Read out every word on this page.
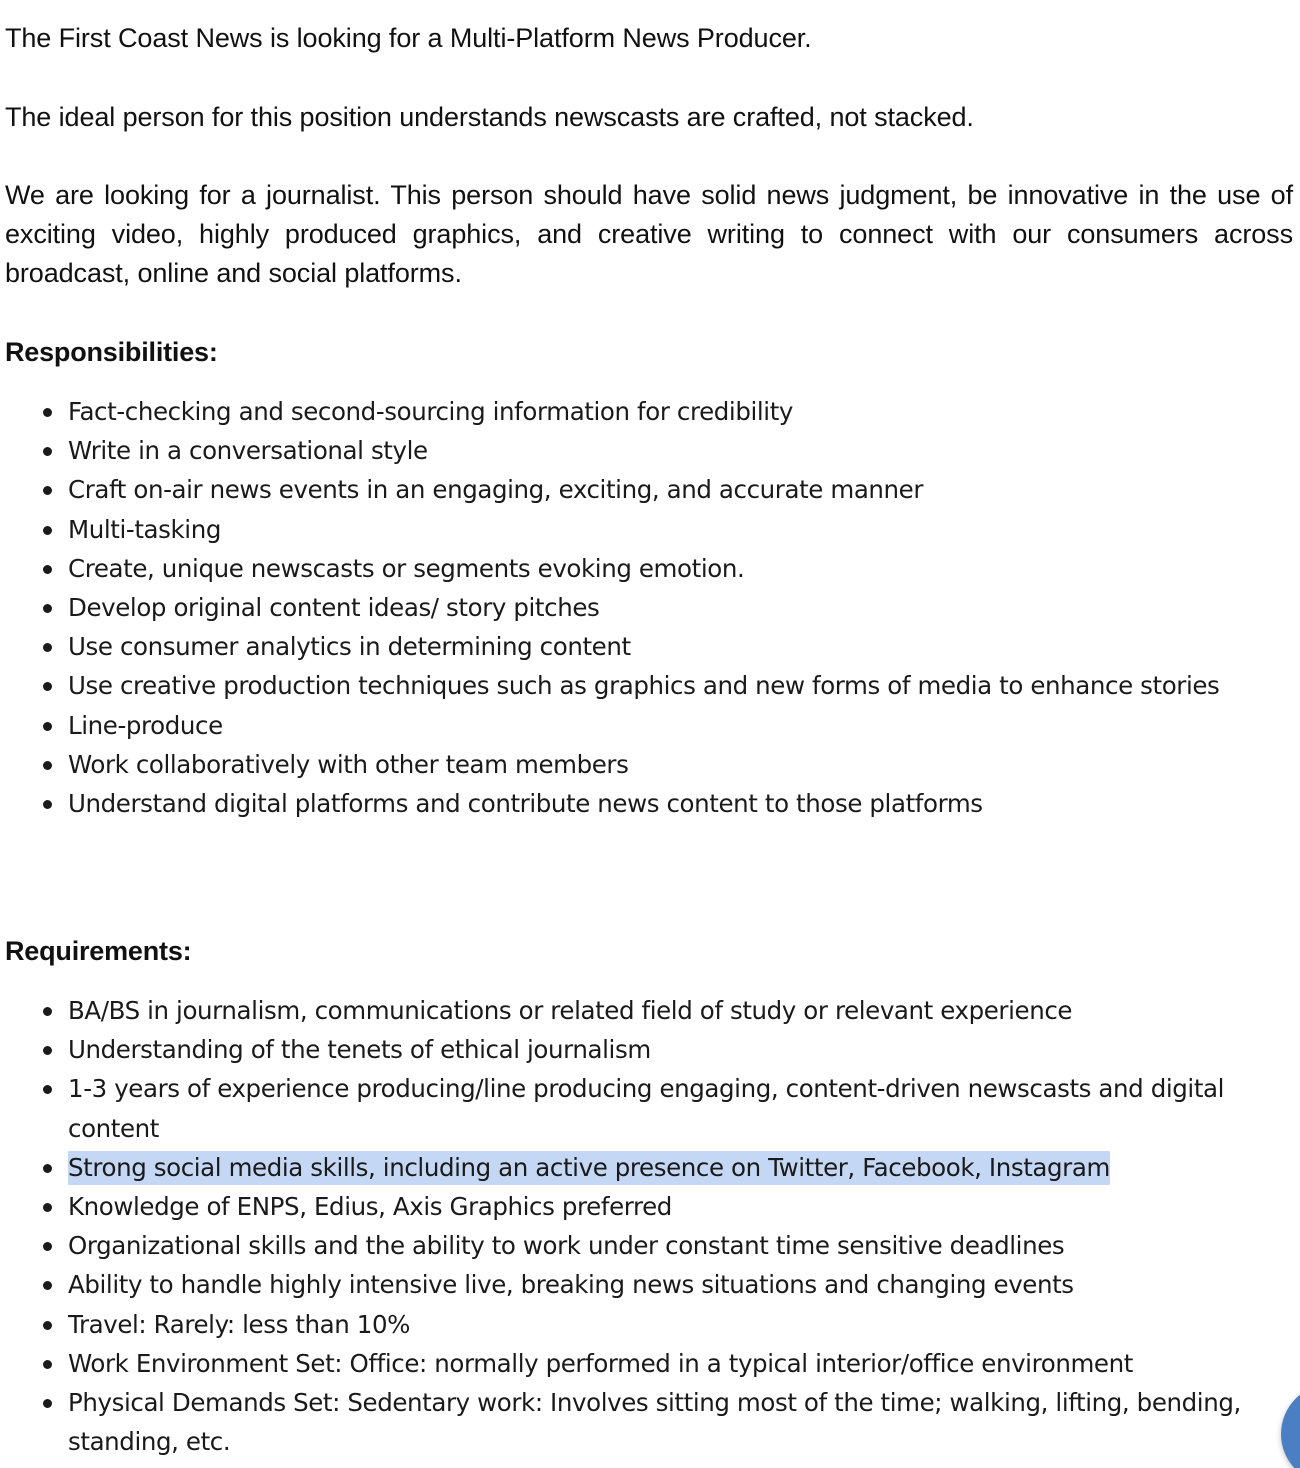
The First Coast News is looking for a Multi-Platform News Producer.

The ideal person for this position understands newscasts are crafted, not stacked.

We are looking for a journalist. This person should have solid news judgment, be innovative in the use of exciting video, highly produced graphics, and creative writing to connect with our consumers across broadcast, online and social platforms.

Responsibilities:
Fact-checking and second-sourcing information for credibility
Write in a conversational style
Craft on-air news events in an engaging, exciting, and accurate manner
Multi-tasking
Create, unique newscasts or segments evoking emotion.
Develop original content ideas/ story pitches
Use consumer analytics in determining content
Use creative production techniques such as graphics and new forms of media to enhance stories
Line-produce
Work collaboratively with other team members
Understand digital platforms and contribute news content to those platforms
Requirements:
BA/BS in journalism, communications or related field of study or relevant experience
Understanding of the tenets of ethical journalism
1-3 years of experience producing/line producing engaging, content-driven newscasts and digital content
Strong social media skills, including an active presence on Twitter, Facebook, Instagram
Knowledge of ENPS, Edius, Axis Graphics preferred
Organizational skills and the ability to work under constant time sensitive deadlines
Ability to handle highly intensive live, breaking news situations and changing events
Travel: Rarely: less than 10%
Work Environment Set: Office: normally performed in a typical interior/office environment
Physical Demands Set: Sedentary work: Involves sitting most of the time; walking, lifting, bending, standing, etc.
